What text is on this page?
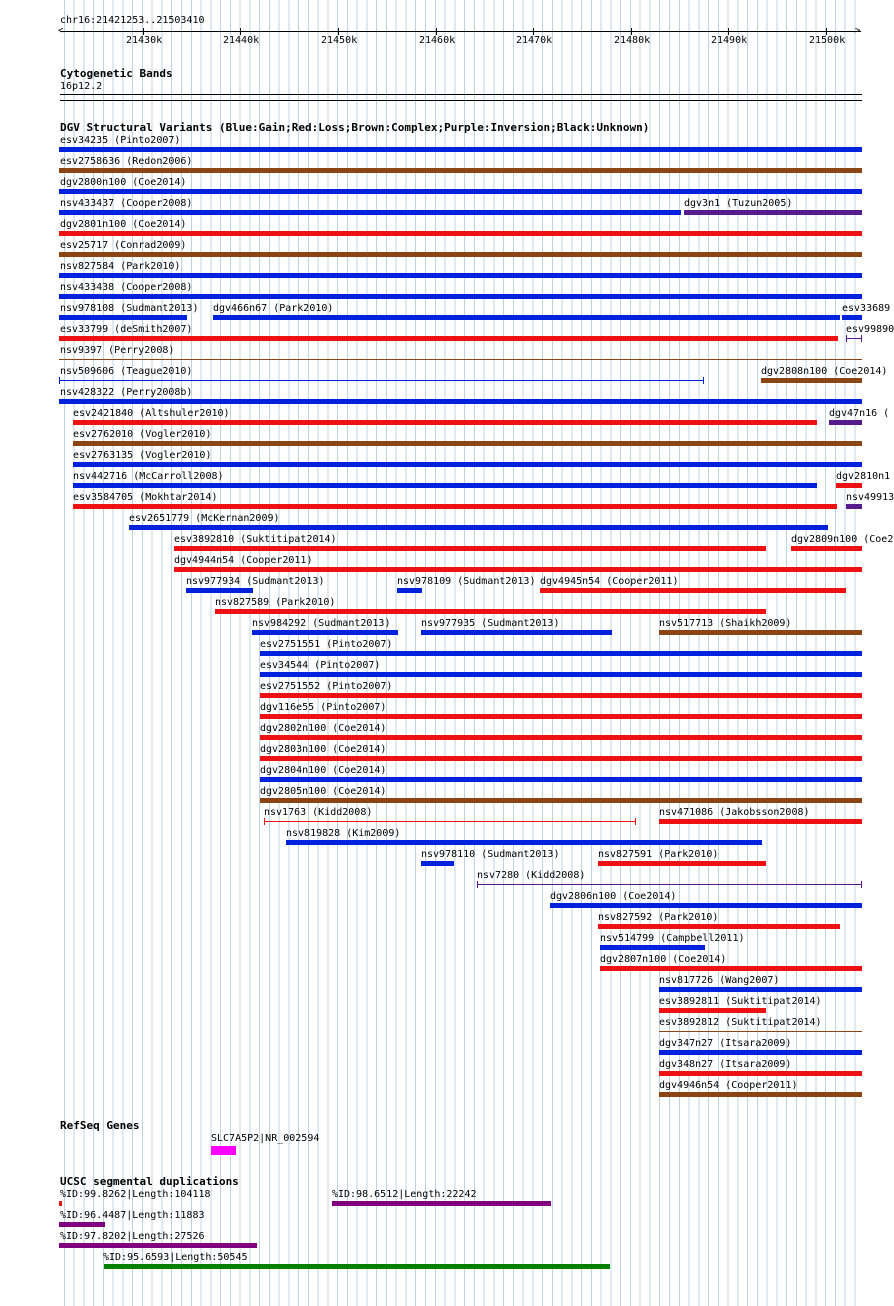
chr16:21421253..21503410
<	>
21430k	21440k	21450k	21460k	21470k	21480k	21490k	21500k
Cytogenetic Bands
16p12.2
DGV Structural Variants (Blue:Gain;Red:Loss;Brown:Complex;Purple:Inversion;Black:Unknown)
esv34235 (Pinto2007)
esv2758636 (Redon2006)
dgv2800n100 (Coe2014)
nsv433437 (Cooper2008)	dgv3n1 (Tuzun2005)
dgv2801n100 (Coe2014)
esv25717 (Conrad2009)
nsv827584 (Park2010)
nsv433438 (Cooper2008)
nsv978108 (Sudmant2013) dgv466n67 (Park2010)	esv33689
esv33799 (deSmith2007)	esv99890
nsv9397 (Perry2008)
nsv509606 (Teague2010)	dgv2808n100 (Coe2014)
nsv428322 (Perry2008b)
esv2421840 (Altshuler2010)	dgv47n16 (
esv2762010 (Vogler2010)
esv2763135 (Vogler2010)
nsv442716 (McCarroll2008)	dgv2810n1
esv3584705 (Mokhtar2014)	nsv49913
esv2651779 (McKernan2009)
esv3892810 (Suktitipat2014)	dgv2809n100 (Coe2
dgv4944n54 (Cooper2011)
nsv977934 (Sudmant2013)	nsv978109 (Sudmant2013) dgv4945n54 (Cooper2011)
nsv827589 (Park2010)
nsv984292 (Sudmant2013)	nsv977935 (Sudmant2013)	nsv517713 (Shaikh2009)
esv2751551 (Pinto2007)
esv34544 (Pinto2007)
esv2751552 (Pinto2007)
dgv116e55 (Pinto2007)
dgv2802n100 (Coe2014)
dgv2803n100 (Coe2014)
dgv2804n100 (Coe2014)
dgv2805n100 (Coe2014)
nsv1763 (Kidd2008)	nsv471086 (Jakobsson2008)
nsv819828 (Kim2009)
nsv978110 (Sudmant2013)	nsv827591 (Park2010)
nsv7280 (Kidd2008)
dgv2806n100 (Coe2014)
nsv827592 (Park2010)
nsv514799 (Campbell2011)
dgv2807n100 (Coe2014)
nsv817726 (Wang2007)
esv3892811 (Suktitipat2014)
esv3892812 (Suktitipat2014)
dgv347n27 (Itsara2009)
dgv348n27 (Itsara2009)
dgv4946n54 (Cooper2011)
RefSeq Genes
SLC7A5P2|NR_002594
UCSC segmental duplications
%ID:99.8262|Length:104118	%ID:98.6512|Length:22242
%ID:96.4487|Length:11883
%ID:97.8202|Length:27526
%ID:95.6593|Length:50545
